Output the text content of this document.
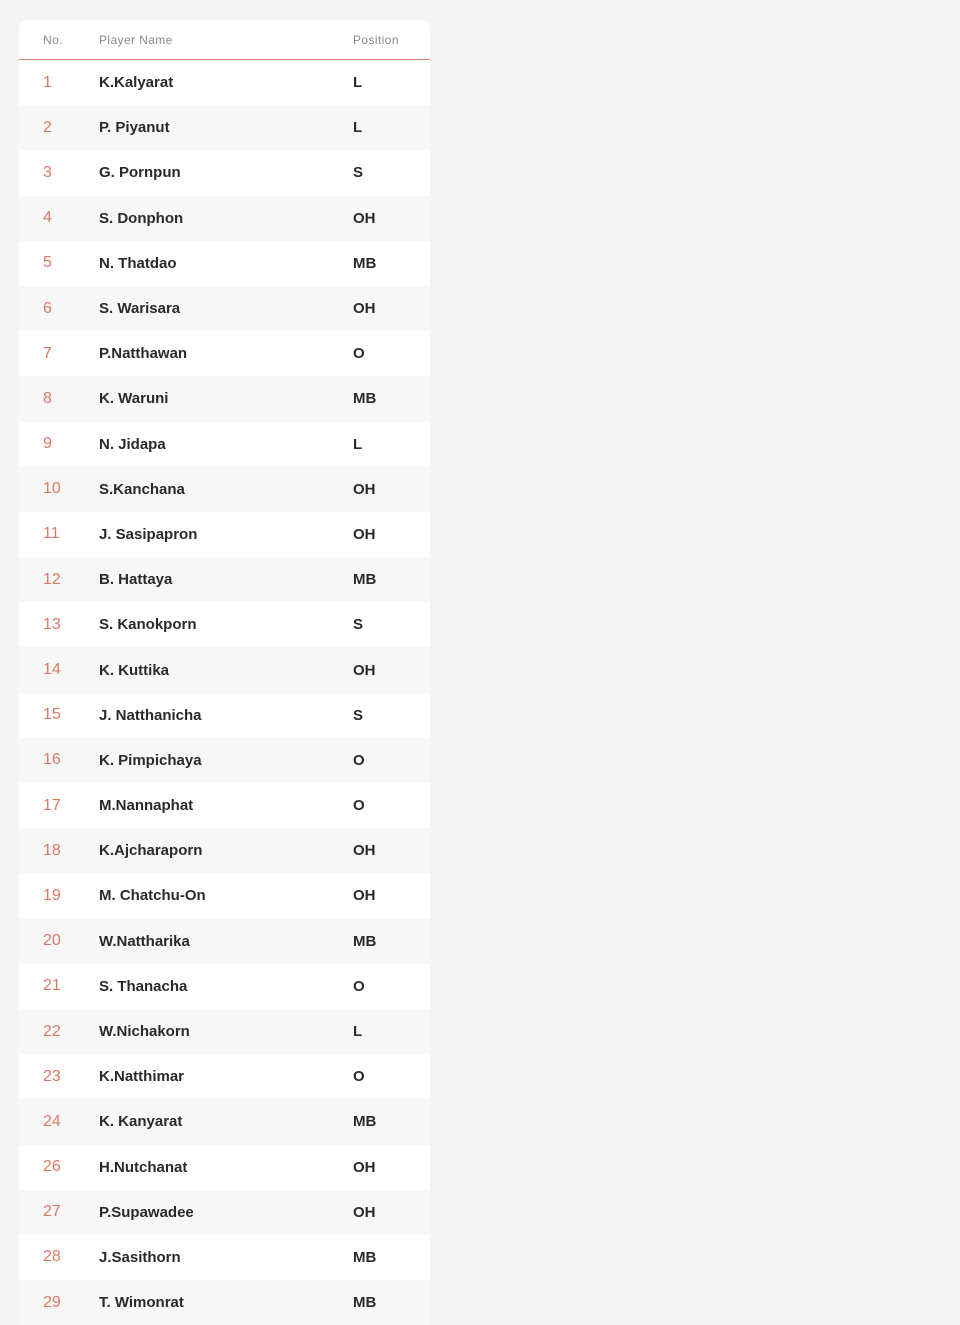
No.	Player Name	Position
1	K.Kalyarat	L
2	P. Piyanut	L
3	G. Pornpun	S
4	S. Donphon	OH
5	N. Thatdao	MB
6	S. Warisara	OH
7	P.Natthawan	O
8	K. Waruni	MB
9	N. Jidapa	L
10	S.Kanchana	OH
11	J. Sasipapron	OH
12	B. Hattaya	MB
13	S. Kanokporn	S
14	K. Kuttika	OH
15	J. Natthanicha	S
16	K. Pimpichaya	O
17	M.Nannaphat	O
18	K.Ajcharaporn	OH
19	M. Chatchu-On	OH
20	W.Nattharika	MB
21	S. Thanacha	O
22	W.Nichakorn	L
23	K.Natthimar	O
24	K. Kanyarat	MB
26	H.Nutchanat	OH
27	P.Supawadee	OH
28	J.Sasithorn	MB
29	T. Wimonrat	MB
